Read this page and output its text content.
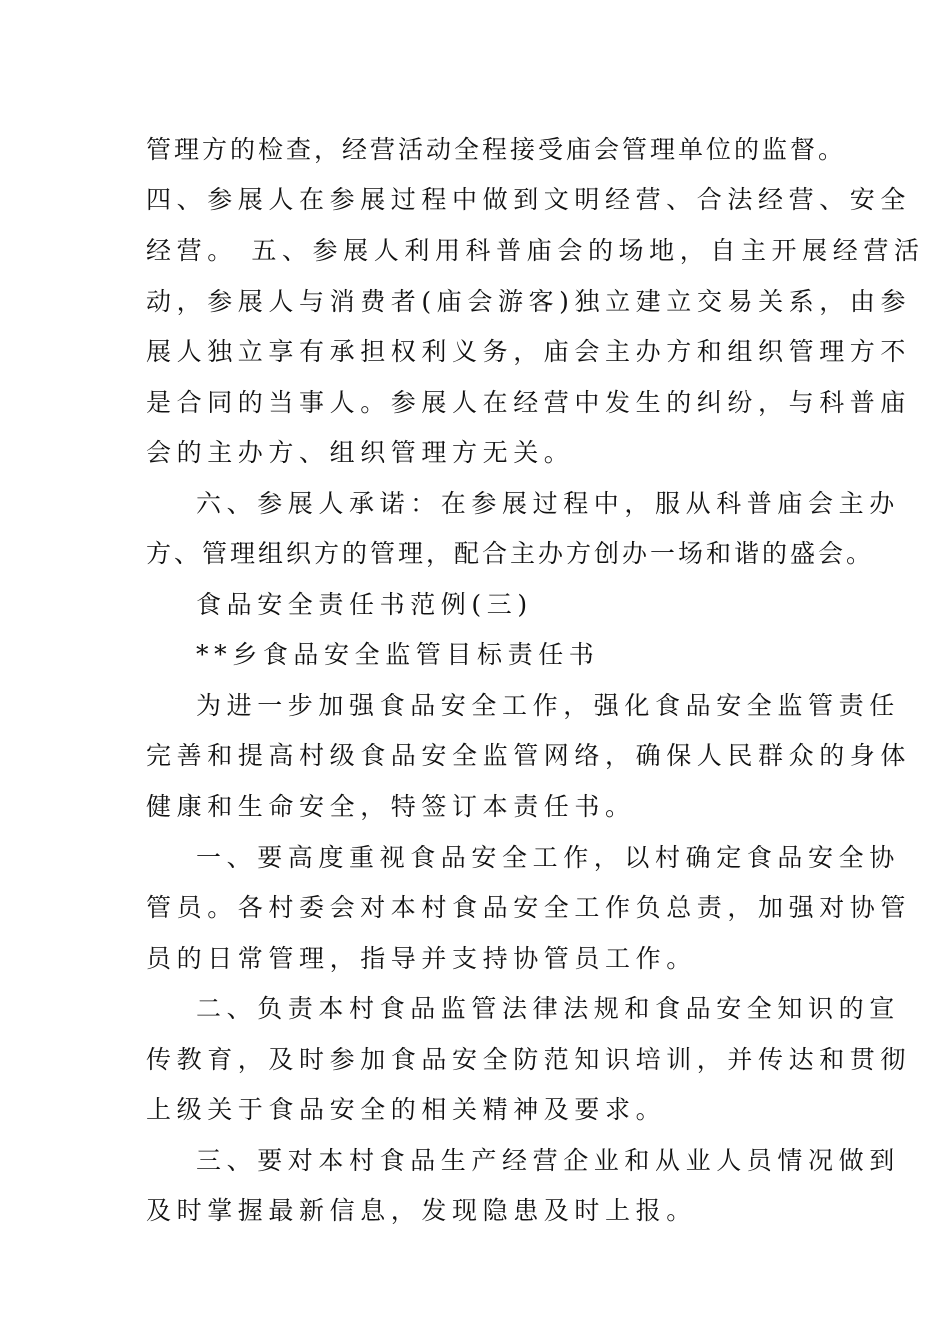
管理方的检查，经营活动全程接受庙会管理单位的监督。
四、参展人在参展过程中做到文明经营、合法经营、安全
经营。 五、参展人利用科普庙会的场地，自主开展经营活
动，参展人与消费者(庙会游客)独立建立交易关系，由参
展人独立享有承担权利义务，庙会主办方和组织管理方不
是合同的当事人。参展人在经营中发生的纠纷，与科普庙
会的主办方、组织管理方无关。
六、参展人承诺：在参展过程中，服从科普庙会主办
方、管理组织方的管理，配合主办方创办一场和谐的盛会。
食品安全责任书范例(三)
**乡食品安全监管目标责任书
为进一步加强食品安全工作，强化食品安全监管责任
完善和提高村级食品安全监管网络，确保人民群众的身体
健康和生命安全，特签订本责任书。
一、要高度重视食品安全工作，以村确定食品安全协
管员。各村委会对本村食品安全工作负总责，加强对协管
员的日常管理，指导并支持协管员工作。
二、负责本村食品监管法律法规和食品安全知识的宣
传教育，及时参加食品安全防范知识培训，并传达和贯彻
上级关于食品安全的相关精神及要求。
三、要对本村食品生产经营企业和从业人员情况做到
及时掌握最新信息，发现隐患及时上报。
